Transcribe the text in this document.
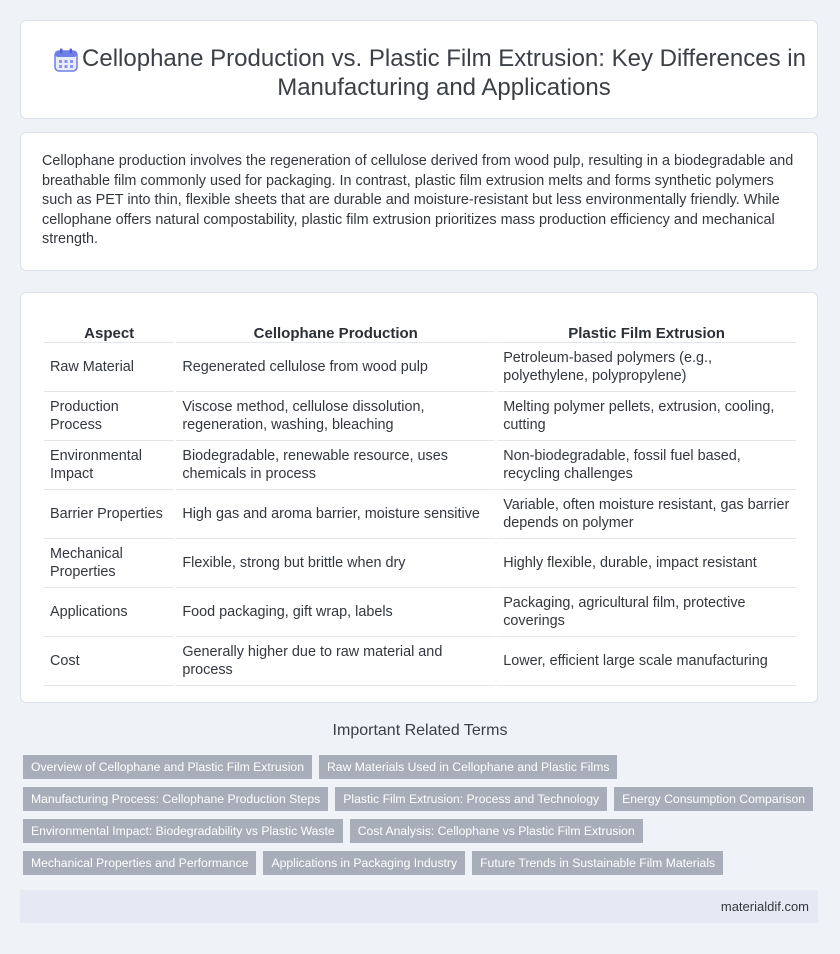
Cellophane Production vs. Plastic Film Extrusion: Key Differences in Manufacturing and Applications

Cellophane production involves the regeneration of cellulose derived from wood pulp, resulting in a biodegradable and breathable film commonly used for packaging. In contrast, plastic film extrusion melts and forms synthetic polymers such as PET into thin, flexible sheets that are durable and moisture-resistant but less environmentally friendly. While cellophane offers natural compostability, plastic film extrusion prioritizes mass production efficiency and mechanical strength.

Aspect	Cellophane Production	Plastic Film Extrusion
Raw Material	Regenerated cellulose from wood pulp	Petroleum-based polymers (e.g., polyethylene, polypropylene)
Production Process	Viscose method, cellulose dissolution, regeneration, washing, bleaching	Melting polymer pellets, extrusion, cooling, cutting
Environmental Impact	Biodegradable, renewable resource, uses chemicals in process	Non-biodegradable, fossil fuel based, recycling challenges
Barrier Properties	High gas and aroma barrier, moisture sensitive	Variable, often moisture resistant, gas barrier depends on polymer
Mechanical Properties	Flexible, strong but brittle when dry	Highly flexible, durable, impact resistant
Applications	Food packaging, gift wrap, labels	Packaging, agricultural film, protective coverings
Cost	Generally higher due to raw material and process	Lower, efficient large scale manufacturing
Important Related Terms
Overview of Cellophane and Plastic Film Extrusion	Raw Materials Used in Cellophane and Plastic Films
Manufacturing Process: Cellophane Production Steps	Plastic Film Extrusion: Process and Technology	Energy Consumption Comparison
Environmental Impact: Biodegradability vs Plastic Waste	Cost Analysis: Cellophane vs Plastic Film Extrusion
Mechanical Properties and Performance	Applications in Packaging Industry	Future Trends in Sustainable Film Materials
materialdif.com
